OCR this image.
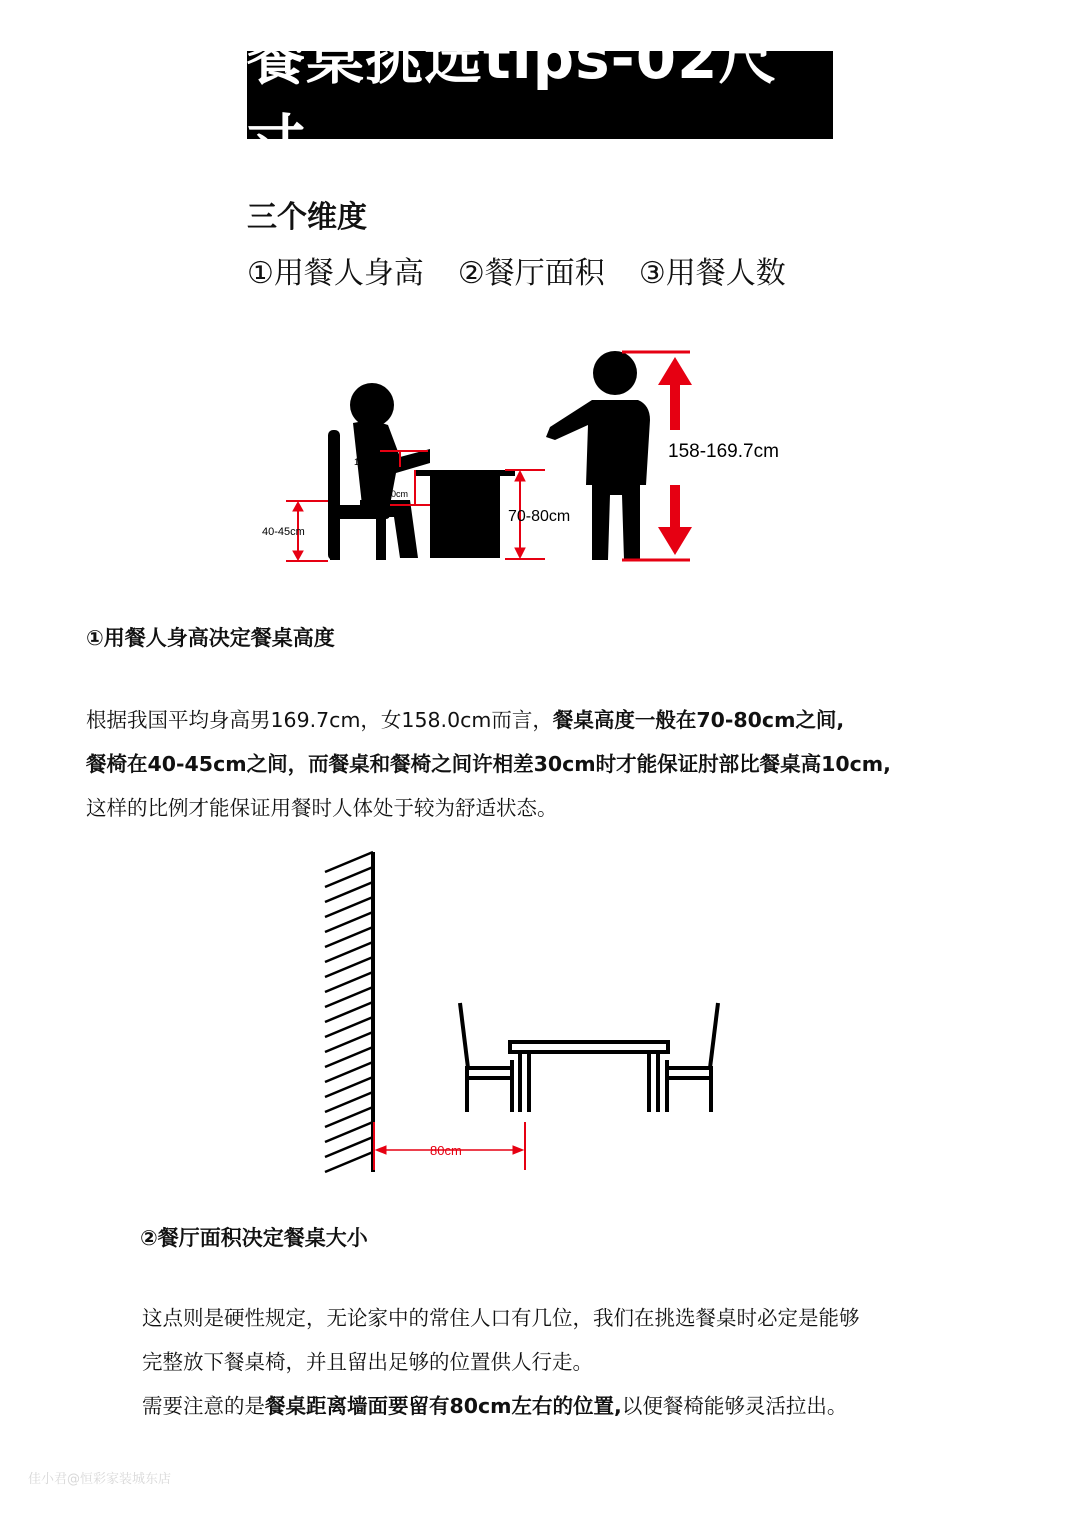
餐桌挑选tips-02尺寸
三个维度
①用餐人身高 ②餐厅面积 ③用餐人数
10cm
30cm
40-45cm
70-80cm
158-169.7cm
①用餐人身高决定餐桌高度
根据我国平均身高男169.7cm，女158.0cm而言，餐桌高度一般在70-80cm之间,
餐椅在40-45cm之间，而餐桌和餐椅之间许相差30cm时才能保证肘部比餐桌高10cm,
这样的比例才能保证用餐时人体处于较为舒适状态。
80cm
②餐厅面积决定餐桌大小
这点则是硬性规定，无论家中的常住人口有几位，我们在挑选餐桌时必定是能够
完整放下餐桌椅，并且留出足够的位置供人行走。
需要注意的是餐桌距离墙面要留有80cm左右的位置,以便餐椅能够灵活拉出。
佳小君@恒彩家装城东店
